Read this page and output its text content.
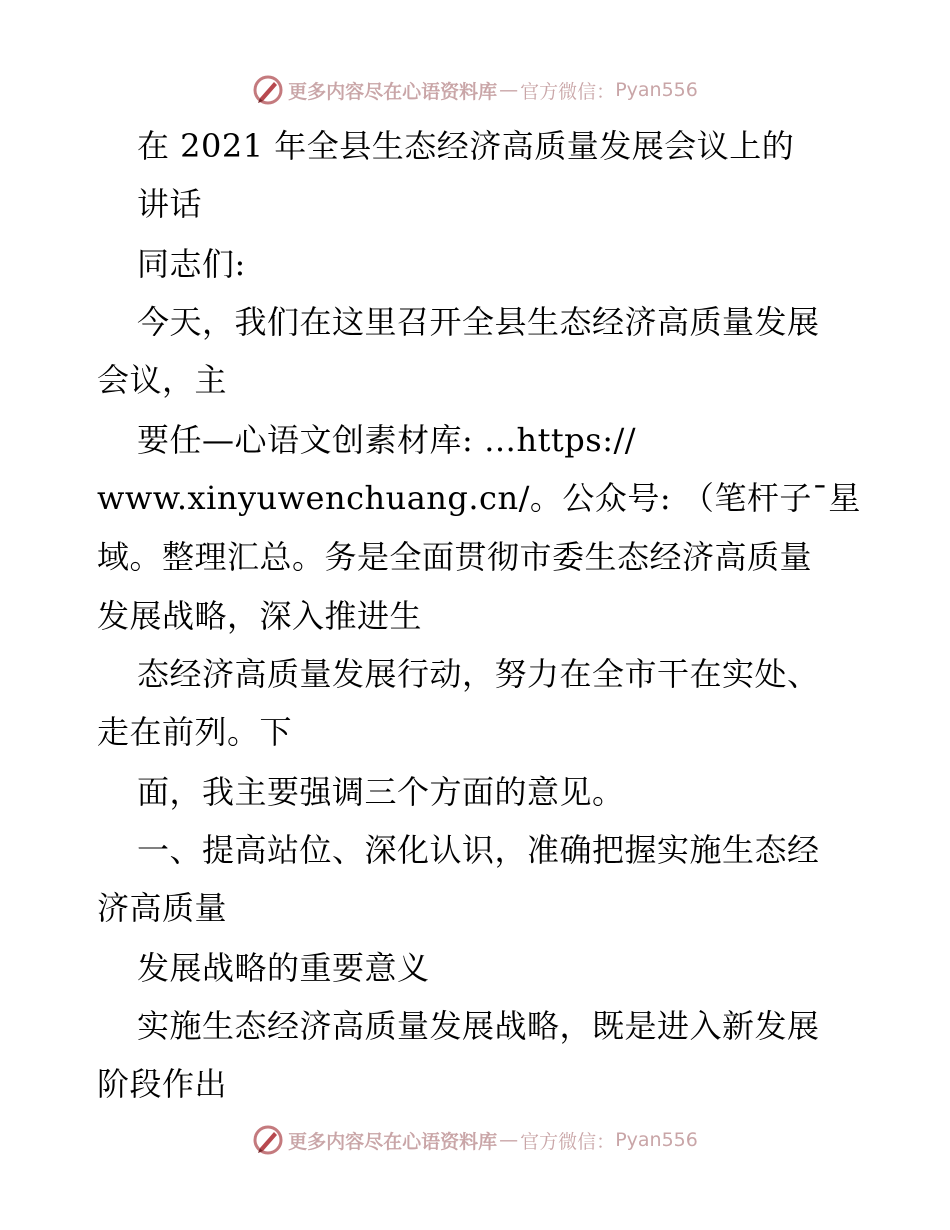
更多内容尽在心语资料库 — 官方微信： Pyan556
在 2021 年全县生态经济高质量发展会议上的
讲话
同志们:
今天，我们在这里召开全县生态经济高质量发展
会议，主
要任—心语文创素材库: …https://
www.xinyuwenchuang.cn/。公众号: （笔杆子¯星
域。整理汇总。务是全面贯彻市委生态经济高质量
发展战略，深入推进生
态经济高质量发展行动，努力在全市干在实处、
走在前列。下
面，我主要强调三个方面的意见。
一、提高站位、深化认识，准确把握实施生态经
济高质量
发展战略的重要意义
实施生态经济高质量发展战略，既是进入新发展
阶段作出
更多内容尽在心语资料库 — 官方微信： Pyan556
